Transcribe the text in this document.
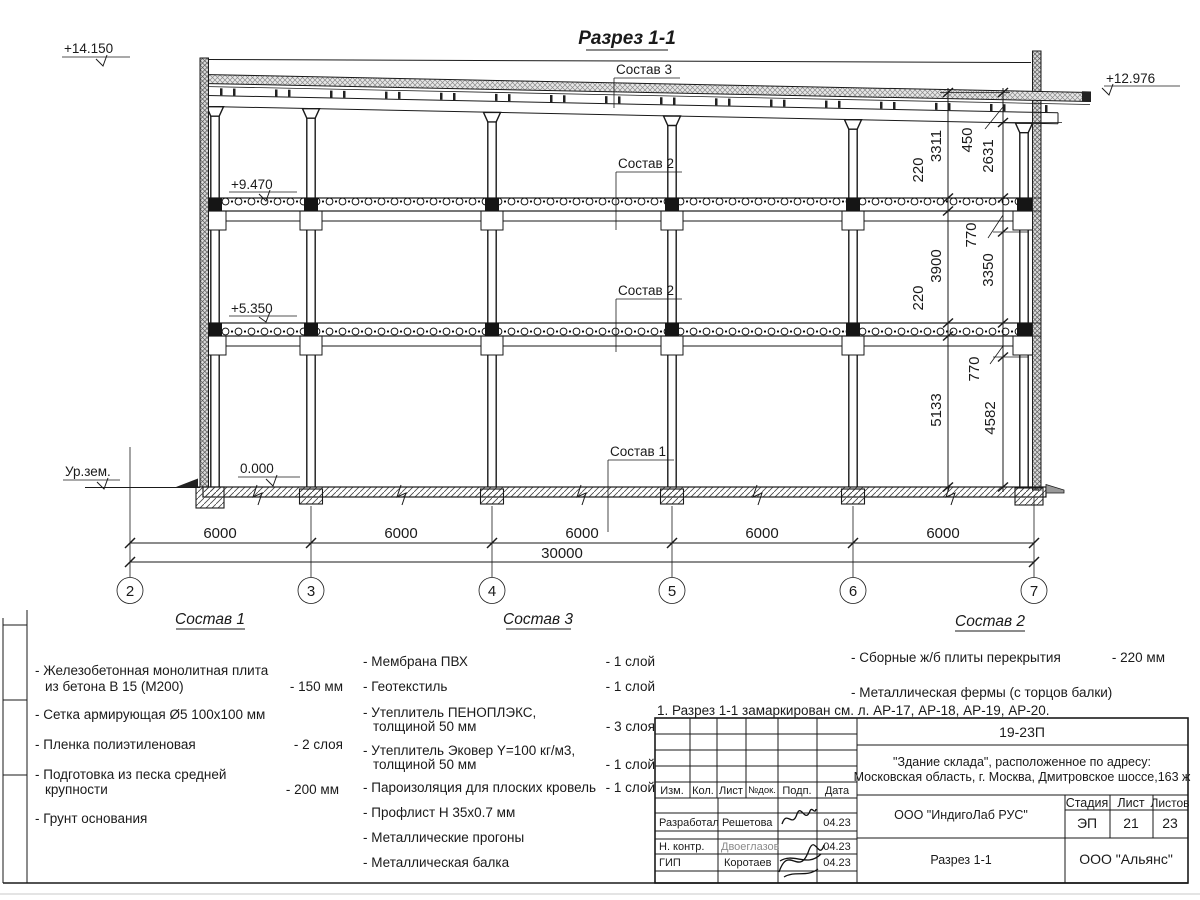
Разрез 1-1
6000	6000	6000	6000	6000
30000
2	3	4	5	6	7
3311
220
3900
220
5133
450 2631
770
3350
770
4582
+14.150
+12.976
+9.470
+5.350
0.000
Ур.зем.
Состав 3
Состав 2
Состав 2
Состав 1
Состав 1
- Железобетонная монолитная плита
из бетона В 15 (М200)	- 150 мм
- Сетка армирующая Ø5 100х100 мм
- Пленка полиэтиленовая	- 2 слоя
- Подготовка из песка средней
крупности	- 200 мм
- Грунт основания
Состав 3
- Мембрана ПВХ	- 1 слой
- Геотекстиль	- 1 слой
- Утеплитель ПЕНОПЛЭКС,
толщиной 50 мм	- 3 слоя
- Утеплитель Эковер Y=100 кг/м3,
толщиной 50 мм	- 1 слой
- Пароизоляция для плоских кровель - 1 слой
- Профлист Н 35х0.7 мм
- Металлические прогоны
- Металлическая балка
Состав 2
- Сборные ж/б плиты перекрытия	- 220 мм
- Металлическая фермы (с торцов балки)
1. Разрез 1-1 замаркирован см. л. АР-17, АР-18, АР-19, АР-20.
Изм. Кол. Лист №док. Подп. Дата
Разработал Решетова	04.23
Н. контр. Двоеглазов	04.23
ГИП	Коротаев	04.23
19-23П
"Здание склада", расположенное по адресу:
Московская область, г. Москва, Дмитровское шоссе,163 ж
ООО "ИндигоЛаб РУС"
Стадия Лист Листов
ЭП 21 23
Разрез 1-1	ООО "Альянс"
